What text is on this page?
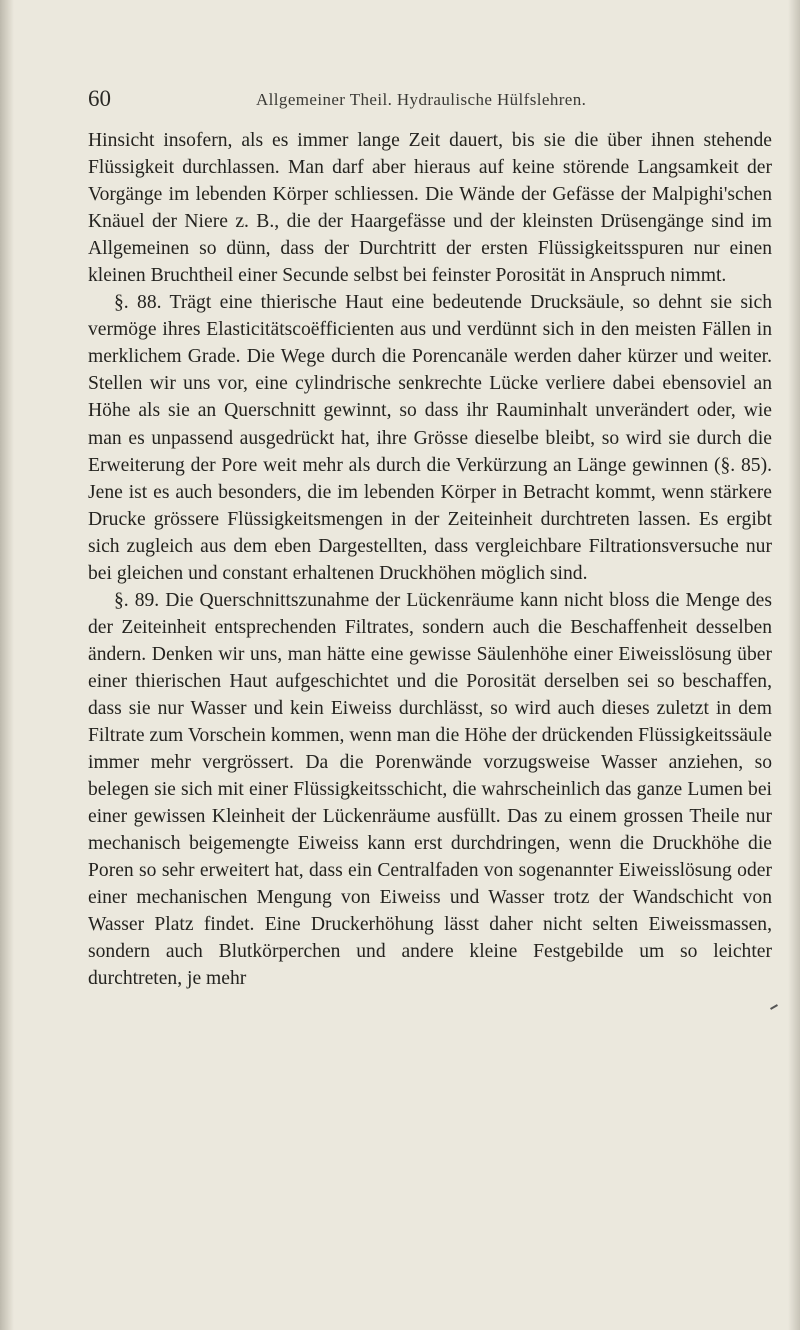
60	Allgemeiner Theil. Hydraulische Hülfslehren.

Hinsicht insofern, als es immer lange Zeit dauert, bis sie die über ihnen stehende Flüssigkeit durchlassen. Man darf aber hieraus auf keine störende Langsamkeit der Vorgänge im lebenden Körper schliessen. Die Wände der Gefässe der Malpighi'schen Knäuel der Niere z. B., die der Haargefässe und der kleinsten Drüsengänge sind im Allgemeinen so dünn, dass der Durchtritt der ersten Flüssigkeitsspuren nur einen kleinen Bruchtheil einer Secunde selbst bei feinster Porosität in Anspruch nimmt.

§. 88. Trägt eine thierische Haut eine bedeutende Drucksäule, so dehnt sie sich vermöge ihres Elasticitätscoëfficienten aus und verdünnt sich in den meisten Fällen in merklichem Grade. Die Wege durch die Porencanäle werden daher kürzer und weiter. Stellen wir uns vor, eine cylindrische senkrechte Lücke verliere dabei ebensoviel an Höhe als sie an Querschnitt gewinnt, so dass ihr Rauminhalt unverändert oder, wie man es unpassend ausgedrückt hat, ihre Grösse dieselbe bleibt, so wird sie durch die Erweiterung der Pore weit mehr als durch die Verkürzung an Länge gewinnen (§. 85). Jene ist es auch besonders, die im lebenden Körper in Betracht kommt, wenn stärkere Drucke grössere Flüssigkeitsmengen in der Zeiteinheit durchtreten lassen. Es ergibt sich zugleich aus dem eben Dargestellten, dass vergleichbare Filtrationsversuche nur bei gleichen und constant erhaltenen Druckhöhen möglich sind.

§. 89. Die Querschnittszunahme der Lückenräume kann nicht bloss die Menge des der Zeiteinheit entsprechenden Filtrates, sondern auch die Beschaffenheit desselben ändern. Denken wir uns, man hätte eine gewisse Säulenhöhe einer Eiweisslösung über einer thierischen Haut aufgeschichtet und die Porosität derselben sei so beschaffen, dass sie nur Wasser und kein Eiweiss durchlässt, so wird auch dieses zuletzt in dem Filtrate zum Vorschein kommen, wenn man die Höhe der drückenden Flüssigkeitssäule immer mehr vergrössert. Da die Porenwände vorzugsweise Wasser anziehen, so belegen sie sich mit einer Flüssigkeitsschicht, die wahrscheinlich das ganze Lumen bei einer gewissen Kleinheit der Lückenräume ausfüllt. Das zu einem grossen Theile nur mechanisch beigemengte Eiweiss kann erst durchdringen, wenn die Druckhöhe die Poren so sehr erweitert hat, dass ein Centralfaden von sogenannter Eiweisslösung oder einer mechanischen Mengung von Eiweiss und Wasser trotz der Wandschicht von Wasser Platz findet. Eine Druckerhöhung lässt daher nicht selten Eiweissmassen, sondern auch Blutkörperchen und andere kleine Festgebilde um so leichter durchtreten, je mehr
